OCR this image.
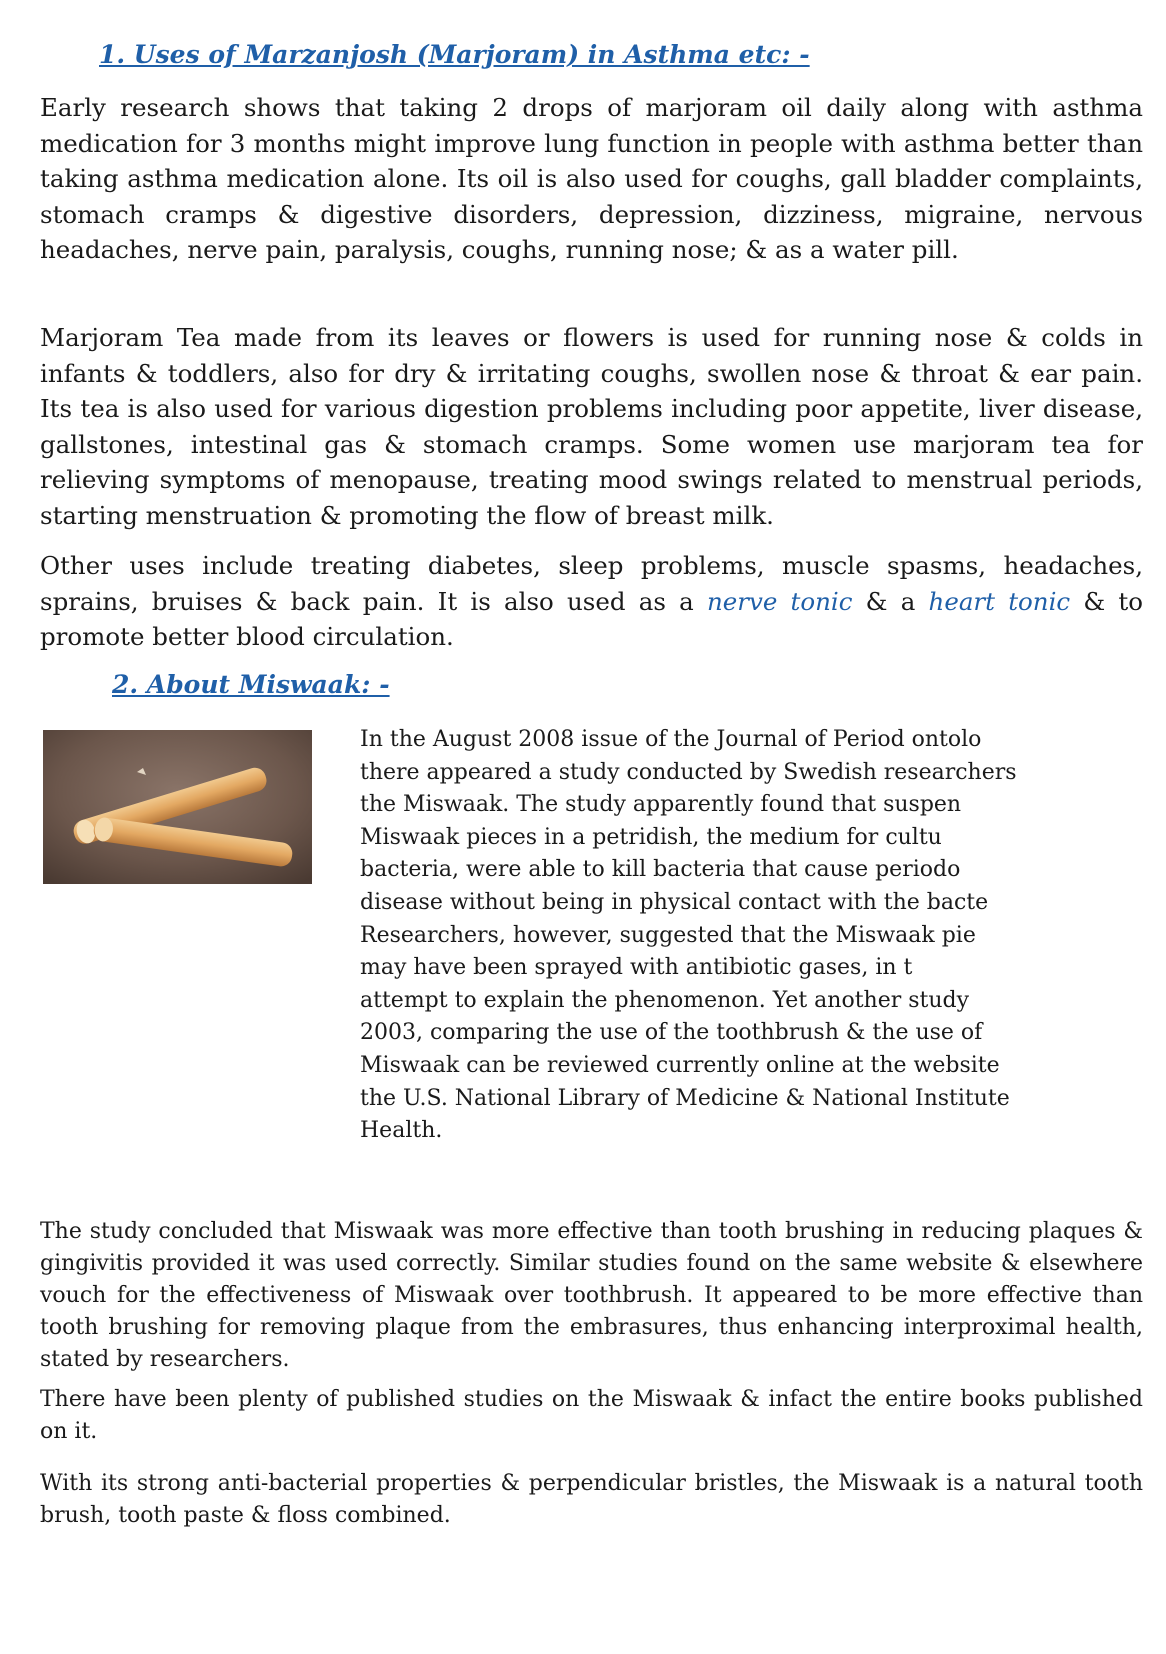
1. Uses of Marzanjosh (Marjoram) in Asthma etc: -
Early research shows that taking 2 drops of marjoram oil daily along with asthma medication for 3 months might improve lung function in people with asthma better than taking asthma medication alone. Its oil is also used for coughs, gall bladder complaints, stomach cramps & digestive disorders, depression, dizziness, migraine, nervous headaches, nerve pain, paralysis, coughs, running nose; & as a water pill.
Marjoram Tea made from its leaves or flowers is used for running nose & colds in infants & toddlers, also for dry & irritating coughs, swollen nose & throat & ear pain. Its tea is also used for various digestion problems including poor appetite, liver disease, gallstones, intestinal gas & stomach cramps. Some women use marjoram tea for relieving symptoms of menopause, treating mood swings related to menstrual periods, starting menstruation & promoting the flow of breast milk.
Other uses include treating diabetes, sleep problems, muscle spasms, headaches, sprains, bruises & back pain. It is also used as a nerve tonic & a heart tonic & to promote better blood circulation.
2. About Miswaak: -
In the August 2008 issue of the Journal of Period ontolo
there appeared a study conducted by Swedish researchers
the Miswaak. The study apparently found that suspen
Miswaak pieces in a petridish, the medium for cultu
bacteria, were able to kill bacteria that cause periodo
disease without being in physical contact with the bacte
Researchers, however, suggested that the Miswaak pie
may have been sprayed with antibiotic gases, in t
attempt to explain the phenomenon. Yet another study
2003, comparing the use of the toothbrush & the use of
Miswaak can be reviewed currently online at the website
the U.S. National Library of Medicine & National Institute
Health.
The study concluded that Miswaak was more effective than tooth brushing in reducing plaques & gingivitis provided it was used correctly. Similar studies found on the same website & elsewhere vouch for the effectiveness of Miswaak over toothbrush. It appeared to be more effective than tooth brushing for removing plaque from the embrasures, thus enhancing interproximal health, stated by researchers.
There have been plenty of published studies on the Miswaak & infact the entire books published on it.
With its strong anti-bacterial properties & perpendicular bristles, the Miswaak is a natural tooth brush, tooth paste & floss combined.
